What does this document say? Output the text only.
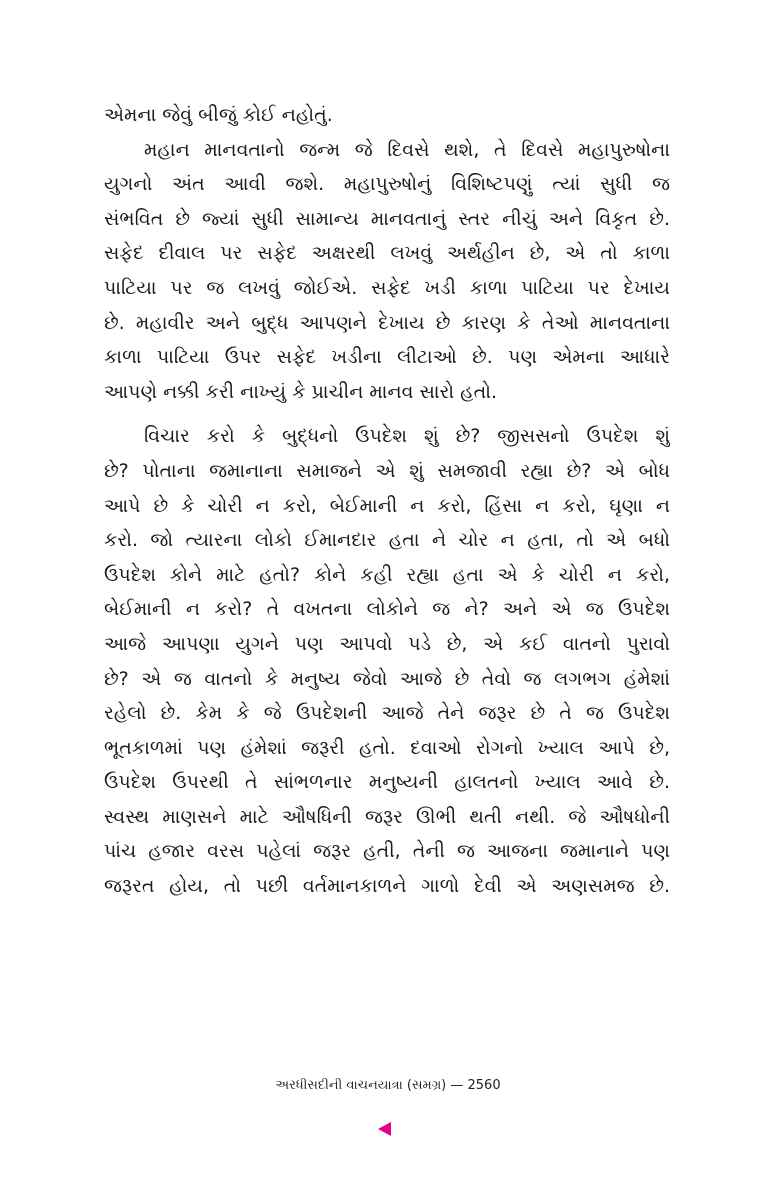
એમના જેવું બીજું કોઈ નહોતું.
મહાન માનવતાનો જન્મ જે દિવસે થશે, તે દિવસે મહાપુરુષોના
યુગનો અંત આવી જશે. મહાપુરુષોનું વિશિષ્ટપણું ત્યાં સુધી જ
સંભવિત છે જ્યાં સુધી સામાન્ય માનવતાનું સ્તર નીચું અને વિકૃત છે.
સફેદ દીવાલ પર સફેદ અક્ષરથી લખવું અર્થહીન છે, એ તો કાળા
પાટિયા પર જ લખવું જોઈએ. સફેદ ખડી કાળા પાટિયા પર દેખાય
છે. મહાવીર અને બુદ્ધ આપણને દેખાય છે કારણ કે તેઓ માનવતાના
કાળા પાટિયા ઉપર સફેદ ખડીના લીટાઓ છે. પણ એમના આધારે
આપણે નક્કી કરી નાખ્યું કે પ્રાચીન માનવ સારો હતો.
વિચાર કરો કે બુદ્ધનો ઉપદેશ શું છે? જીસસનો ઉપદેશ શું
છે? પોતાના જમાનાના સમાજને એ શું સમજાવી રહ્યા છે? એ બોધ
આપે છે કે ચોરી ન કરો, બેઈમાની ન કરો, હિંસા ન કરો, ઘૃણા ન
કરો. જો ત્યારના લોકો ઈમાનદાર હતા ને ચોર ન હતા, તો એ બધો
ઉપદેશ કોને માટે હતો? કોને કહી રહ્યા હતા એ કે ચોરી ન કરો,
બેઈમાની ન કરો? તે વખતના લોકોને જ ને? અને એ જ ઉપદેશ
આજે આપણા યુગને પણ આપવો પડે છે, એ કઈ વાતનો પુરાવો
છે? એ જ વાતનો કે મનુષ્ય જેવો આજે છે તેવો જ લગભગ હંમેશાં
રહેલો છે. કેમ કે જે ઉપદેશની આજે તેને જરૂર છે તે જ ઉપદેશ
ભૂતકાળમાં પણ હંમેશાં જરૂરી હતો. દવાઓ રોગનો ખ્યાલ આપે છે,
ઉપદેશ ઉપરથી તે સાંભળનાર મનુષ્યની હાલતનો ખ્યાલ આવે છે.
સ્વસ્થ માણસને માટે ઔષધિની જરૂર ઊભી થતી નથી. જે ઔષધોની
પાંચ હજાર વરસ પહેલાં જરૂર હતી, તેની જ આજના જમાનાને પણ
જરૂરત હોય, તો પછી વર્તમાનકાળને ગાળો દેવી એ અણસમજ છે.
અરધીસદીની વાચનયાત્રા (સમગ્ર) — 2560
